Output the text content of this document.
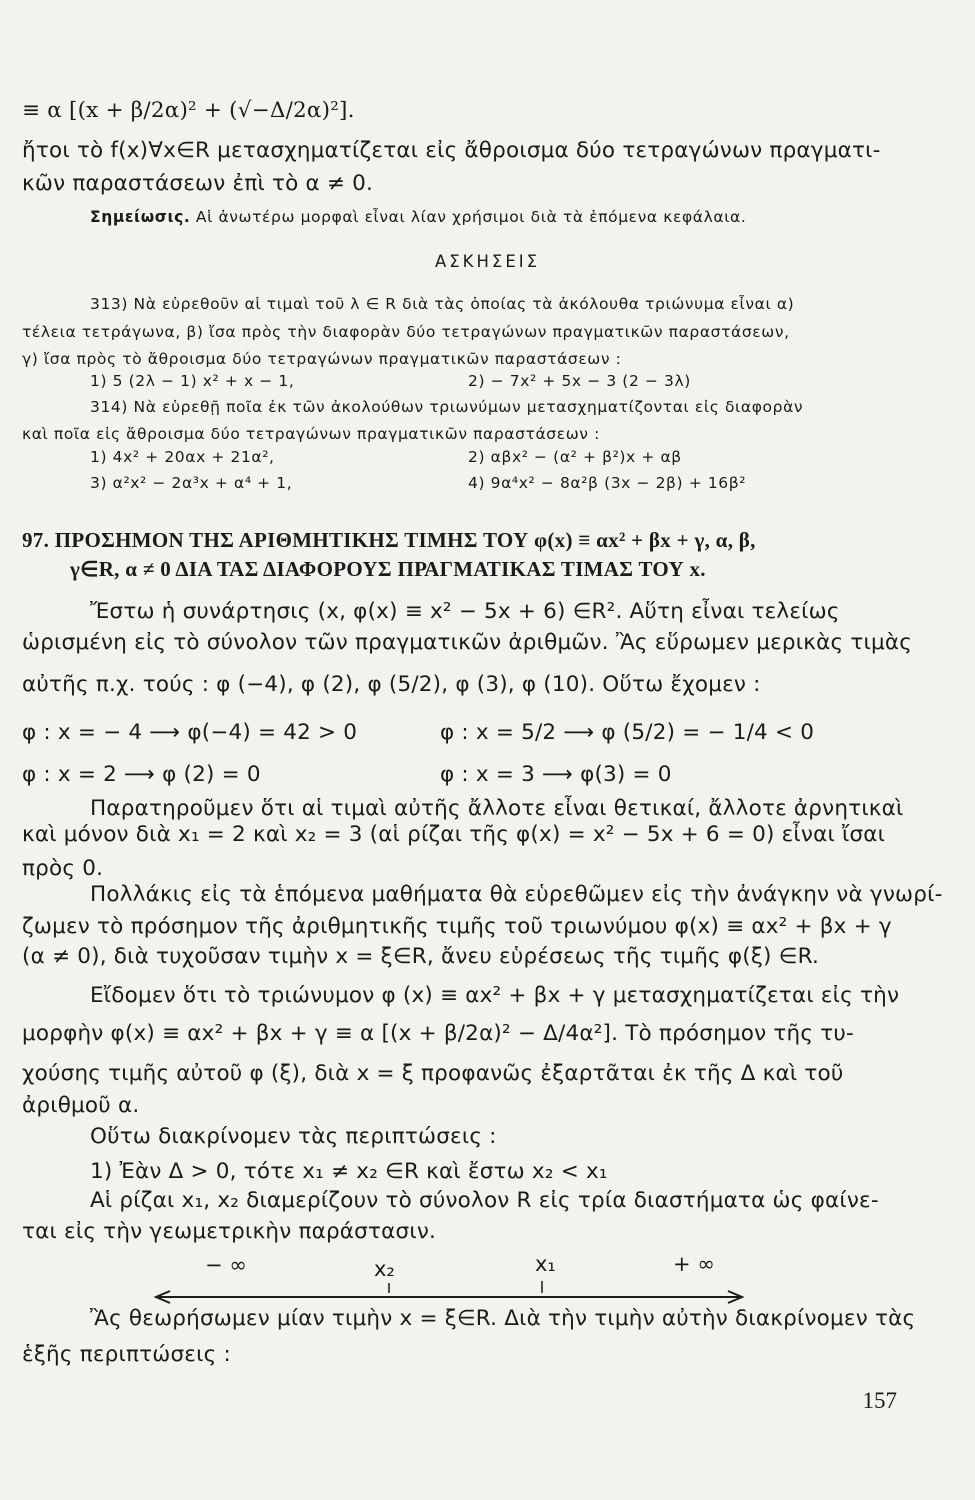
≡ α [(x + β/2α)² + (√−Δ/2α)²].
ἤτοι τὸ f(x)∀x∈R μετασχηματίζεται εἰς ἄθροισμα δύο τετραγώνων πραγματι-
κῶν παραστάσεων ἐπὶ τὸ α ≠ 0.
Σημείωσις. Αἱ ἀνωτέρω μορφαὶ εἶναι λίαν χρήσιμοι διὰ τὰ ἑπόμενα κεφάλαια.
ΑΣΚΗΣΕΙΣ
313) Νὰ εὑρεθοῦν αἱ τιμαὶ τοῦ λ ∈ R διὰ τὰς ὁποίας τὰ ἀκόλουθα τριώνυμα εἶναι α)
τέλεια τετράγωνα, β) ἴσα πρὸς τὴν διαφορὰν δύο τετραγώνων πραγματικῶν παραστάσεων,
γ) ἴσα πρὸς τὸ ἄθροισμα δύο τετραγώνων πραγματικῶν παραστάσεων :
1) 5 (2λ − 1) x² + x − 1,	2) − 7x² + 5x − 3 (2 − 3λ)
314) Νὰ εὑρεθῇ ποῖα ἐκ τῶν ἀκολούθων τριωνύμων μετασχηματίζονται εἰς διαφορὰν
καὶ ποῖα εἰς ἄθροισμα δύο τετραγώνων πραγματικῶν παραστάσεων :
1) 4x² + 20αx + 21α²,	2) αβx² − (α² + β²)x + αβ
3) α²x² − 2α³x + α⁴ + 1,	4) 9α⁴x² − 8α²β (3x − 2β) + 16β²
97. ΠΡΟΣΗΜΟΝ ΤΗΣ ΑΡΙΘΜΗΤΙΚΗΣ ΤΙΜΗΣ ΤΟΥ φ(x) ≡ αx² + βx + γ, α, β,
γ∈R, α ≠ 0 ΔΙΑ ΤΑΣ ΔΙΑΦΟΡΟΥΣ ΠΡΑΓΜΑΤΙΚΑΣ ΤΙΜΑΣ ΤΟΥ x.
Ἔστω ἡ συνάρτησις (x, φ(x) ≡ x² − 5x + 6) ∈R². Αὕτη εἶναι τελείως
ὡρισμένη εἰς τὸ σύνολον τῶν πραγματικῶν ἀριθμῶν. Ἂς εὕρωμεν μερικὰς τιμὰς
αὐτῆς π.χ. τούς : φ (−4), φ (2), φ (5/2), φ (3), φ (10). Οὕτω ἔχομεν :
φ : x = − 4 ⟶ φ(−4) = 42 > 0	φ : x = 5/2 ⟶ φ (5/2) = − 1/4 < 0
φ : x = 2 ⟶ φ (2) = 0	φ : x = 3 ⟶ φ(3) = 0
Παρατηροῦμεν ὅτι αἱ τιμαὶ αὐτῆς ἄλλοτε εἶναι θετικαί, ἄλλοτε ἀρνητικαὶ
καὶ μόνον διὰ x₁ = 2 καὶ x₂ = 3 (αἱ ρίζαι τῆς φ(x) = x² − 5x + 6 = 0) εἶναι ἴσαι
πρὸς 0.
Πολλάκις εἰς τὰ ἑπόμενα μαθήματα θὰ εὑρεθῶμεν εἰς τὴν ἀνάγκην νὰ γνωρί-
ζωμεν τὸ πρόσημον τῆς ἀριθμητικῆς τιμῆς τοῦ τριωνύμου φ(x) ≡ αx² + βx + γ
(α ≠ 0), διὰ τυχοῦσαν τιμὴν x = ξ∈R, ἄνευ εὑρέσεως τῆς τιμῆς φ(ξ) ∈R.
Εἴδομεν ὅτι τὸ τριώνυμον φ (x) ≡ αx² + βx + γ μετασχηματίζεται εἰς τὴν
μορφὴν φ(x) ≡ αx² + βx + γ ≡ α [(x + β/2α)² − Δ/4α²]. Τὸ πρόσημον τῆς τυ-
χούσης τιμῆς αὐτοῦ φ (ξ), διὰ x = ξ προφανῶς ἐξαρτᾶται ἐκ τῆς Δ καὶ τοῦ
ἀριθμοῦ α.
Οὕτω διακρίνομεν τὰς περιπτώσεις :
1) Ἐὰν Δ > 0, τότε x₁ ≠ x₂ ∈R καὶ ἔστω x₂ < x₁
Αἱ ρίζαι x₁, x₂ διαμερίζουν τὸ σύνολον R εἰς τρία διαστήματα ὡς φαίνε-
ται εἰς τὴν γεωμετρικὴν παράστασιν.
− ∞	x₂	x₁	+ ∞
Ἂς θεωρήσωμεν μίαν τιμὴν x = ξ∈R. Διὰ τὴν τιμὴν αὐτὴν διακρίνομεν τὰς
ἑξῆς περιπτώσεις :
157
